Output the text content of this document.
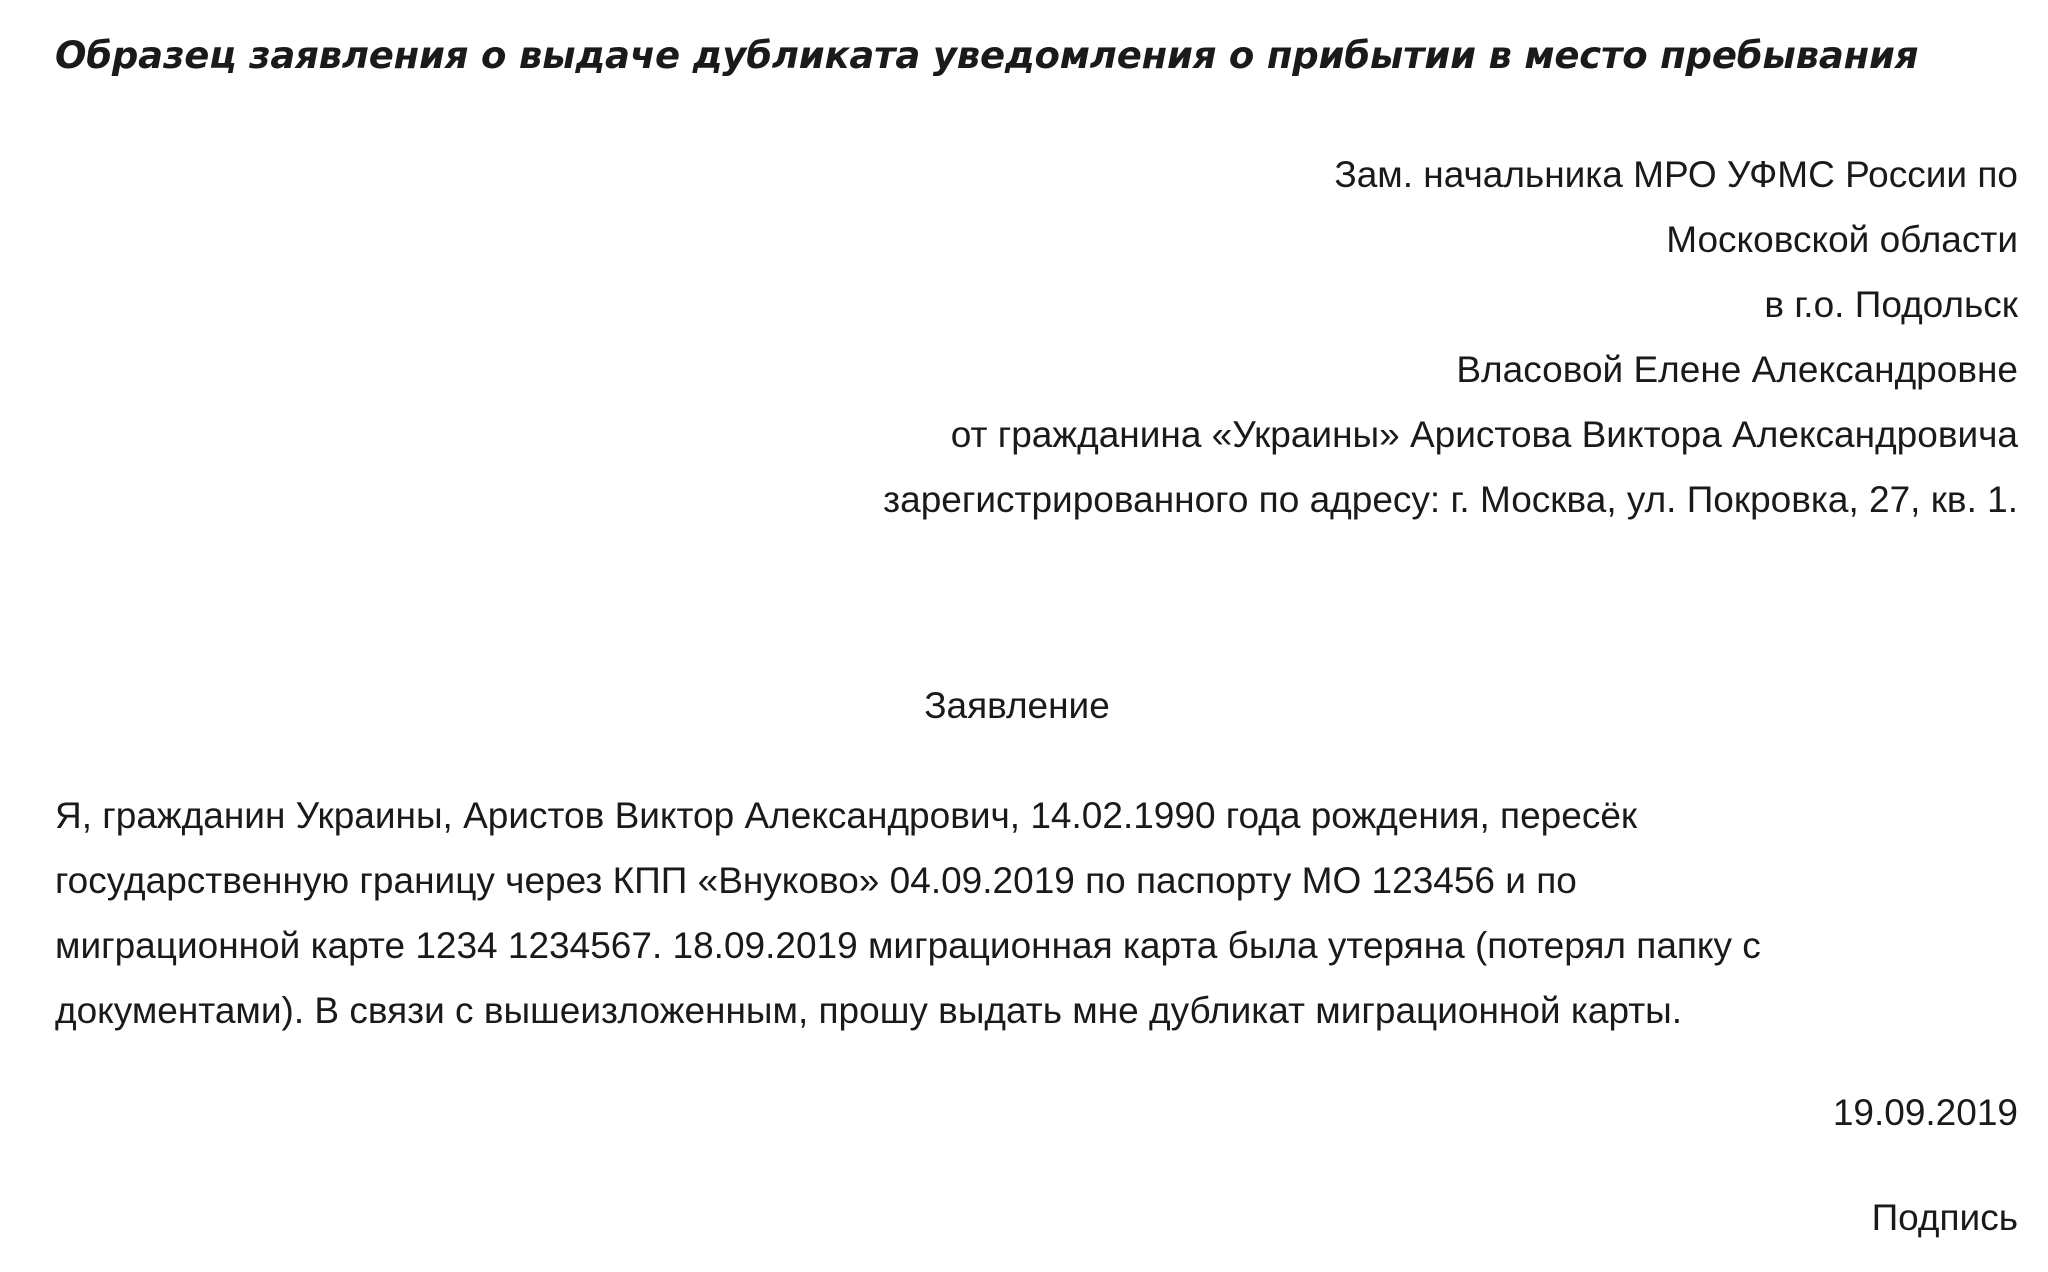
Образец заявления о выдаче дубликата уведомления о прибытии в место пребывания
Зам. начальника МРО УФМС России по
Московской области
в г.о. Подольск
Власовой Елене Александровне
от гражданина «Украины» Аристова Виктора Александровича
зарегистрированного по адресу: г. Москва, ул. Покровка, 27, кв. 1.
Заявление
Я, гражданин Украины, Аристов Виктор Александрович, 14.02.1990 года рождения, пересёк
государственную границу через КПП «Внуково» 04.09.2019 по паспорту МО 123456 и по
миграционной карте 1234 1234567. 18.09.2019 миграционная карта была утеряна (потерял папку с
документами). В связи с вышеизложенным, прошу выдать мне дубликат миграционной карты.
19.09.2019
Подпись
